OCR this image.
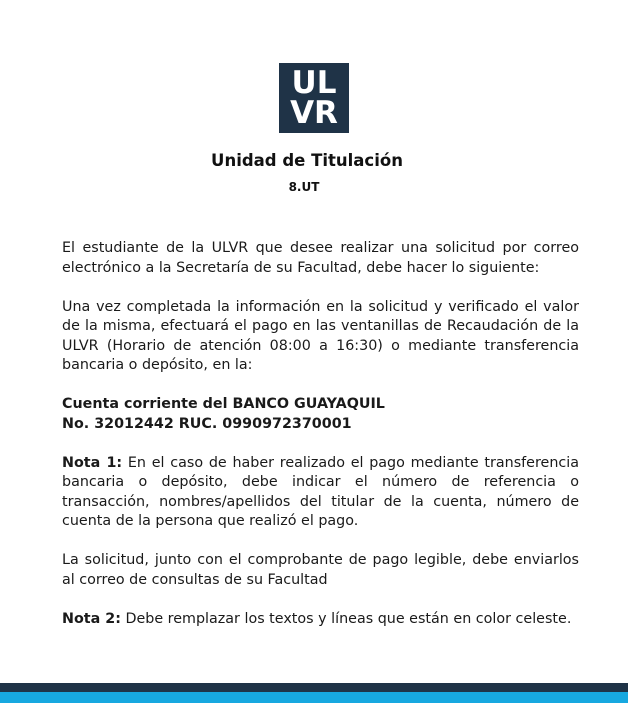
UL
VR
Unidad de Titulación
8.UT

El estudiante de la ULVR que desee realizar una solicitud por correo electrónico a la Secretaría de su Facultad, debe hacer lo siguiente:

Una vez completada la información en la solicitud y verificado el valor de la misma, efectuará el pago en las ventanillas de Recaudación de la ULVR (Horario de atención 08:00 a 16:30) o mediante transferencia bancaria o depósito, en la:

Cuenta corriente del BANCO GUAYAQUIL
No. 32012442 RUC. 0990972370001

Nota 1: En el caso de haber realizado el pago mediante transferencia bancaria o depósito, debe indicar el número de referencia o transacción, nombres/apellidos del titular de la cuenta, número de cuenta de la persona que realizó el pago.

La solicitud, junto con el comprobante de pago legible, debe enviarlos al correo de consultas de su Facultad

Nota 2: Debe remplazar los textos y líneas que están en color celeste.
